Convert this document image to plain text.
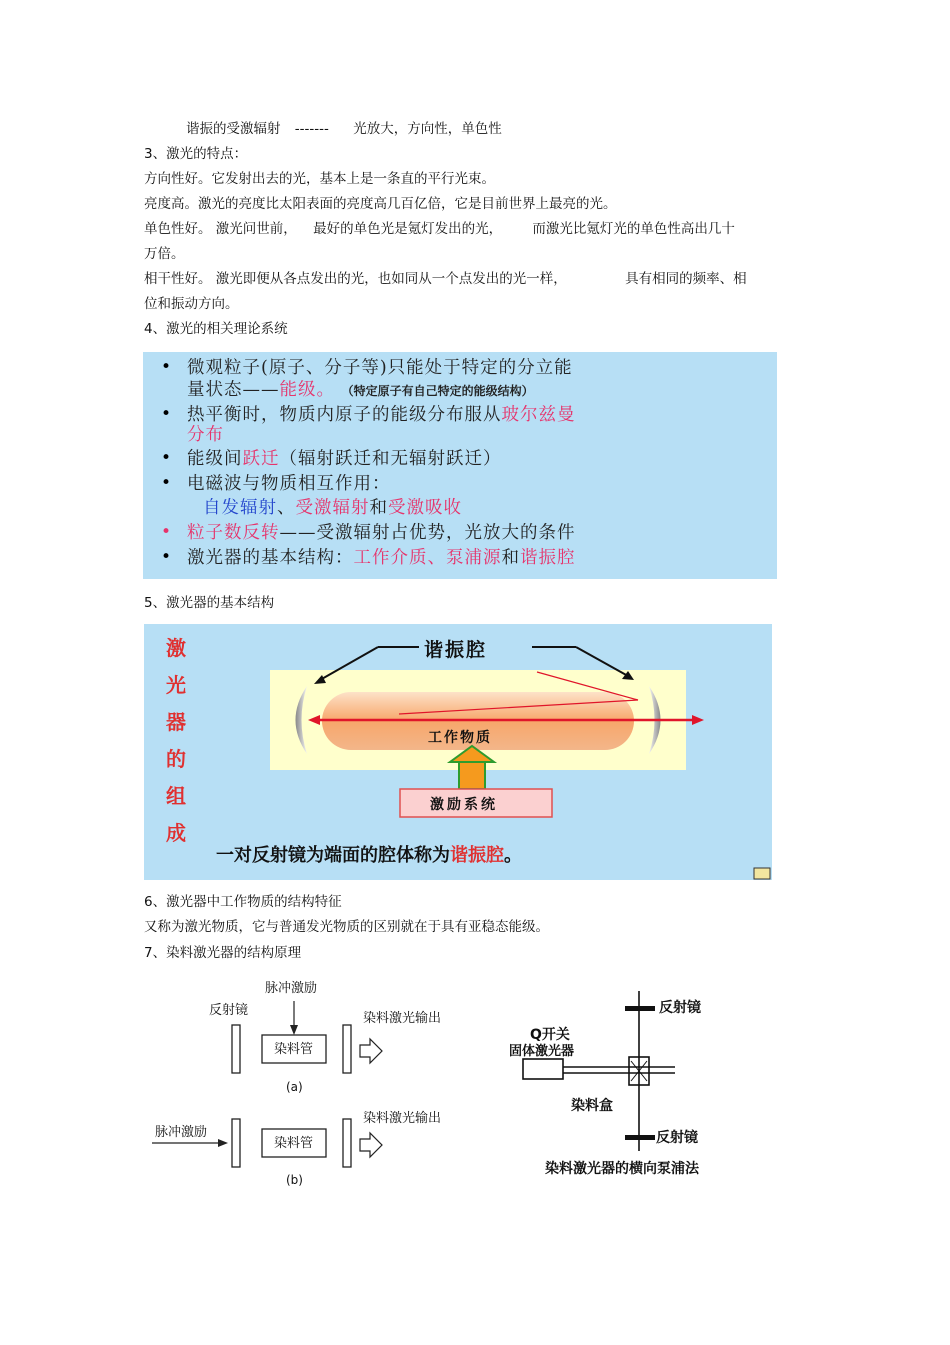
谐振的受激辐射 ------- 光放大，方向性，单色性
3、激光的特点：
方向性好。它发射出去的光，基本上是一条直的平行光束。
亮度高。激光的亮度比太阳表面的亮度高几百亿倍，它是目前世界上最亮的光。
单色性好。 激光问世前， 最好的单色光是氪灯发出的光， 而激光比氪灯光的单色性高出几十
万倍。
相干性好。 激光即便从各点发出的光，也如同从一个点发出的光一样，	具有相同的频率、相
位和振动方向。
4、激光的相关理论系统
• 微观粒子(原子、分子等)只能处于特定的分立能
量状态——能级。 （特定原子有自己特定的能级结构）
• 热平衡时，物质内原子的能级分布服从玻尔兹曼
分布
• 能级间跃迁（辐射跃迁和无辐射跃迁）
• 电磁波与物质相互作用：
自发辐射、受激辐射和受激吸收
• 粒子数反转——受激辐射占优势，光放大的条件
• 激光器的基本结构：工作介质、泵浦源和谐振腔
5、激光器的基本结构
激
光
器
的
组
成
谐振腔
工作物质
激励系统
一对反射镜为端面的腔体称为谐振腔。
6、激光器中工作物质的结构特征
又称为激光物质，它与普通发光物质的区别就在于具有亚稳态能级。
7、染料激光器的结构原理
脉冲激励
反射镜
染料激光输出
染料管
(a)
脉冲激励
染料激光输出
染料管
(b)
反射镜
Q开关
固体激光器
染料盒
反射镜
染料激光器的横向泵浦法
